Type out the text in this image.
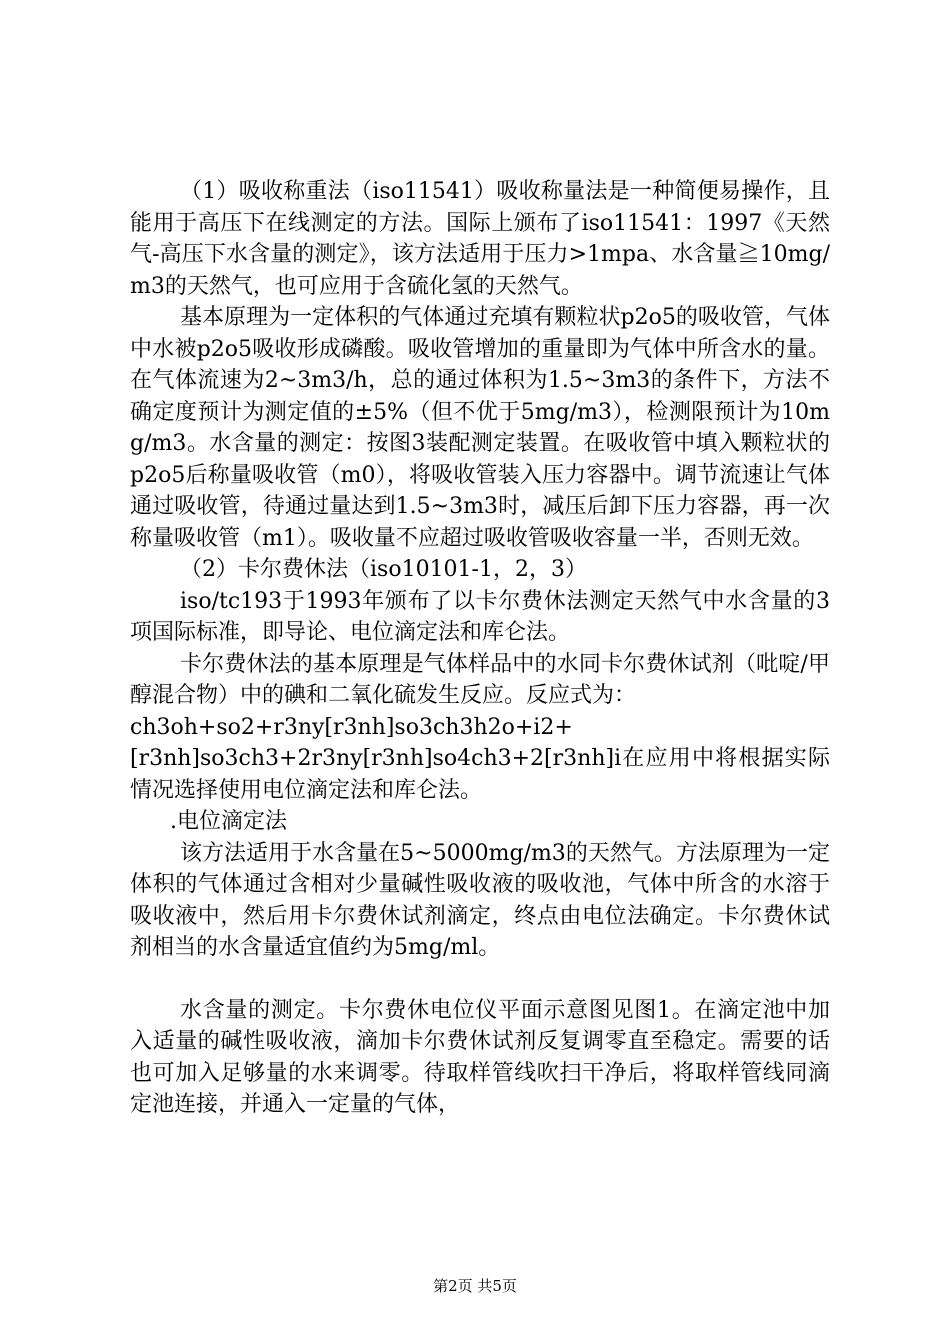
（1）吸收称重法（iso11541）吸收称量法是一种简便易操作，且能用于高压下在线测定的方法。国际上颁布了iso11541：1997《天然气-高压下水含量的测定》，该方法适用于压力>1mpa、水含量≧10mg/m3的天然气，也可应用于含硫化氢的天然气。

基本原理为一定体积的气体通过充填有颗粒状p2o5的吸收管，气体中水被p2o5吸收形成磷酸。吸收管增加的重量即为气体中所含水的量。在气体流速为2~3m3/h，总的通过体积为1.5~3m3的条件下，方法不确定度预计为测定值的±5%（但不优于5mg/m3），检测限预计为10mg/m3。水含量的测定：按图3装配测定装置。在吸收管中填入颗粒状的p2o5后称量吸收管（m0），将吸收管装入压力容器中。调节流速让气体通过吸收管，待通过量达到1.5~3m3时，减压后卸下压力容器，再一次称量吸收管（m1）。吸收量不应超过吸收管吸收容量一半，否则无效。

（2）卡尔费休法（iso10101-1，2，3）

iso/tc193于1993年颁布了以卡尔费休法测定天然气中水含量的3项国际标准，即导论、电位滴定法和库仑法。

卡尔费休法的基本原理是气体样品中的水同卡尔费休试剂（吡啶/甲醇混合物）中的碘和二氧化硫发生反应。反应式为：

ch3oh+so2+r3ny[r3nh]so3ch3h2o+i2+

[r3nh]so3ch3+2r3ny[r3nh]so4ch3+2[r3nh]i在应用中将根据实际情况选择使用电位滴定法和库仑法。

.电位滴定法

该方法适用于水含量在5~5000mg/m3的天然气。方法原理为一定体积的气体通过含相对少量碱性吸收液的吸收池，气体中所含的水溶于吸收液中，然后用卡尔费休试剂滴定，终点由电位法确定。卡尔费休试剂相当的水含量适宜值约为5mg/ml。

水含量的测定。卡尔费休电位仪平面示意图见图1。在滴定池中加入适量的碱性吸收液，滴加卡尔费休试剂反复调零直至稳定。需要的话也可加入足够量的水来调零。待取样管线吹扫干净后，将取样管线同滴定池连接，并通入一定量的气体，

第2页 共5页
